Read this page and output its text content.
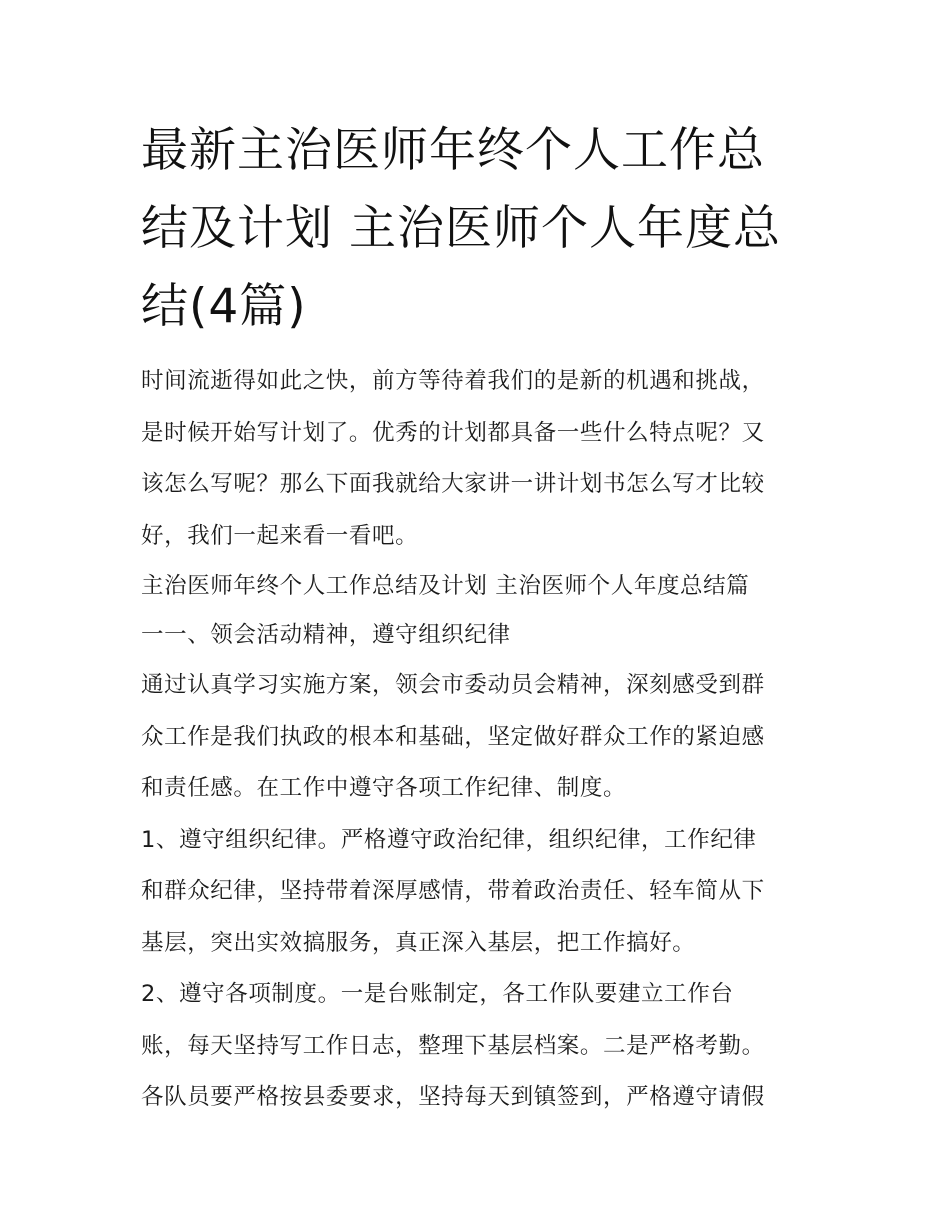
最新主治医师年终个人工作总
结及计划 主治医师个人年度总
结(4篇)
时间流逝得如此之快，前方等待着我们的是新的机遇和挑战，
是时候开始写计划了。优秀的计划都具备一些什么特点呢？又
该怎么写呢？那么下面我就给大家讲一讲计划书怎么写才比较
好，我们一起来看一看吧。
主治医师年终个人工作总结及计划 主治医师个人年度总结篇
一一、领会活动精神，遵守组织纪律
通过认真学习实施方案，领会市委动员会精神，深刻感受到群
众工作是我们执政的根本和基础，坚定做好群众工作的紧迫感
和责任感。在工作中遵守各项工作纪律、制度。
1、遵守组织纪律。严格遵守政治纪律，组织纪律，工作纪律
和群众纪律，坚持带着深厚感情，带着政治责任、轻车简从下
基层，突出实效搞服务，真正深入基层，把工作搞好。
2、遵守各项制度。一是台账制定，各工作队要建立工作台
账，每天坚持写工作日志，整理下基层档案。二是严格考勤。
各队员要严格按县委要求，坚持每天到镇签到，严格遵守请假
